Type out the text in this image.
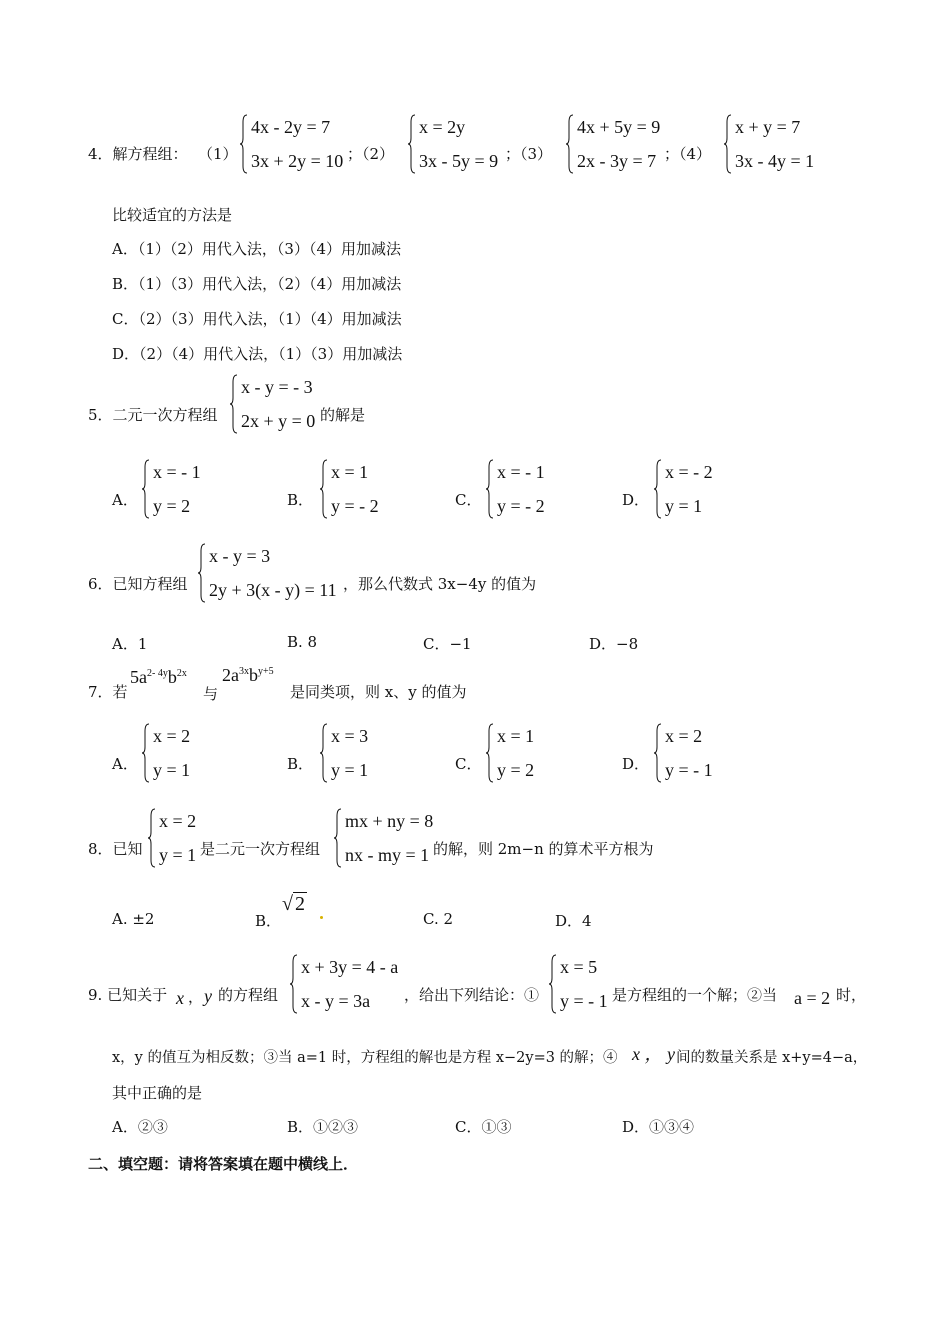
4．解方程组： （1）
4x - 2y = 7
3x + 2y = 10 ；（2）
x = 2y
3x - 5y = 9 ；（3）
4x + 5y = 9
2x - 3y = 7 ；（4）
x + y = 7
3x - 4y = 1
比较适宜的方法是
A．（1）（2）用代入法，（3）（4）用加减法
B．（1）（3）用代入法，（2）（4）用加减法
C．（2）（3）用代入法，（1）（4）用加减法
D．（2）（4）用代入法，（1）（3）用加减法
5．二元一次方程组
x - y = - 3
2x + y = 0 的解是
A．
x = - 1
y = 2	B．
x = 1
y = - 2	C．
x = - 1
y = - 2	D．
x = - 2
y = 1
6．已知方程组
x - y = 3
2y + 3(x - y) = 11 ，那么代数式 3x−4y 的值为
A．1	B. 8	C．−1	D．−8
7．若
$5a^{2- 4y}b^{2x}$
与
$2a^{3x}b^{y+5}$
是同类项，则 x、y 的值为
A．
x = 2
y = 1	B．
x = 3
y = 1	C．
x = 1
y = 2	D．
x = 2
y = - 1
8．已知
x = 2
y = 1 是二元一次方程组
mx + ny = 8
nx - my = 1 的解，则 2m−n 的算术平方根为
A. ±2	B．
√ 2
C. 2	D．4
9. 已知关于 x ， y 的方程组
x + 3y = 4 - a
x - y = 3a	，给出下列结论：①
x = 5
y = - 1 是方程组的一个解；②当 a = 2 时，
x，y 的值互为相反数；③当 a=1 时，方程组的解也是方程 x−2y=3 的解；④ x ， y 间的数量关系是 x+y=4−a，
其中正确的是
A．②③	B．①②③	C．①③	D．①③④
二、填空题：请将答案填在题中横线上．
